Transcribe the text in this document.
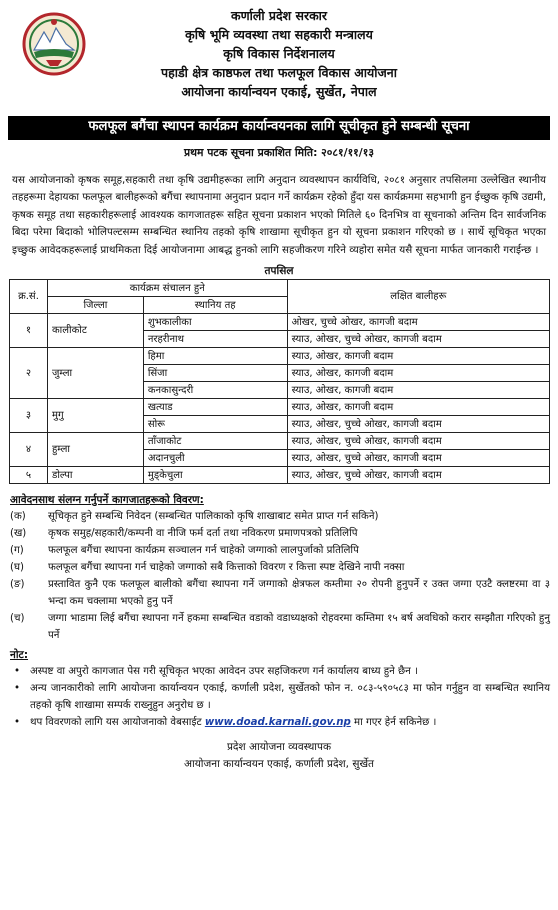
कर्णाली प्रदेश सरकार
कृषि भूमि व्यवस्था तथा सहकारी मन्त्रालय
कृषि विकास निर्देशनालय
पहाडी क्षेत्र काष्ठफल तथा फलफूल विकास आयोजना
आयोजना कार्यान्वयन एकाई, सुर्खेत, नेपाल
फलफूल बगैंचा स्थापन कार्यक्रम कार्यान्वयनका लागि सूचीकृत हुने सम्बन्धी सूचना
प्रथम पटक सूचना प्रकाशित मिति: २०८१/११/१३

यस आयोजनाको कृषक समूह,सहकारी तथा कृषि उद्यमीहरूका लागि अनुदान व्यवस्थापन कार्यविधि, २०८१ अनुसार तपसिलमा उल्लेखित स्थानीय तहहरूमा देहायका फलफूल बालीहरूको बगैंचा स्थापनामा अनुदान प्रदान गर्ने कार्यक्रम रहेको हुँदा यस कार्यक्रममा सहभागी हुन ईच्छुक कृषि उद्यमी, कृषक समूह तथा सहकारीहरूलाई आवश्यक कागजातहरू सहित सूचना प्रकाशन भएको मितिले ६० दिनभित्र वा सूचनाको अन्तिम दिन सार्वजनिक बिदा परेमा बिदाको भोलिपल्टसम्म सम्बन्धित स्थानिय तहको कृषि शाखामा सूचीकृत हुन यो सूचना प्रकाशन गरिएको छ । सार्थे सूचिकृत भएका इच्छुक आवेदकहरूलाई प्राथमिकता दिई आयोजनामा आबद्ध हुनको लागि सहजीकरण गरिने व्यहोरा समेत यसै सूचना मार्फत जानकारी गराईन्छ ।

तपसिल
क्र.सं.	कार्यक्रम संचालन हुने		लक्षित बालीहरू
	जिल्ला	स्थानिय तह	
१	कालीकोट	शुभकालीका	ओखर, चुच्चे ओखर, कागजी बदाम
		नरहरीनाथ	स्याउ, ओखर, चुच्चे ओखर, कागजी बदाम
२	जुम्ला	हिमा	स्याउ, ओखर, कागजी बदाम
		सिंजा	स्याउ, ओखर, कागजी बदाम
		कनकासुन्दरी	स्याउ, ओखर, कागजी बदाम
३	मुगु	खत्याड	स्याउ, ओखर, कागजी बदाम
		सोरू	स्याउ, ओखर, चुच्चे ओखर, कागजी बदाम
४	हुम्ला	ताँजाकोट	स्याउ, ओखर, चुच्चे ओखर, कागजी बदाम
		अदानचुली	स्याउ, ओखर, चुच्चे ओखर, कागजी बदाम
५	डोल्पा	मुड्केचुला	स्याउ, ओखर, चुच्चे ओखर, कागजी बदाम
आवेदनसाथ संलग्न गर्नुपर्ने कागजातहरूको विवरण:
(क)	सूचिकृत हुने सम्बन्धि निवेदन (सम्बन्धित पालिकाको कृषि शाखाबाट समेत प्राप्त गर्न सकिने)
(ख)	कृषक समुह/सहकारी/कम्पनी वा नीजि फर्म दर्ता तथा नविकरण प्रमाणपत्रको प्रतिलिपि
(ग)	फलफूल बगैंचा स्थापना कार्यक्रम सञ्चालन गर्न चाहेको जग्गाको लालपुर्जाको प्रतिलिपि
(घ)	फलफूल बगैंचा स्थापना गर्न चाहेको जग्गाको सबै कित्ताको विवरण र कित्ता स्पष्ट देखिने नापी नक्सा
(ङ)	प्रस्तावित कुनै एक फलफूल बालीको बगैंचा स्थापना गर्ने जग्गाको क्षेत्रफल कम्तीमा २० रोपनी हुनुपर्ने र उक्त जग्गा एउटै क्लष्टरमा वा ३ भन्दा कम चक्लामा भएको हुनु पर्ने
(च)	जग्गा भाडामा लिई बगैंचा स्थापना गर्ने हकमा सम्बन्धित वडाको वडाध्यक्षको रोहवरमा कम्तिमा १५ बर्ष अवधिको करार सम्झौता गरिएको हुनु पर्ने
नोट:
• अस्पष्ट वा अपुरो कागजात पेस गरी सूचिकृत भएका आवेदन उपर सहजिकरण गर्न कार्यालय बाध्य हुने छैन ।
• अन्य जानकारीको लागि आयोजना कार्यान्वयन एकाई, कर्णाली प्रदेश, सुर्खेतको फोन न. ०८३-५९०५८३ मा फोन गर्नुहुन वा सम्बन्धित स्थानिय तहको कृषि शाखामा सम्पर्क राख्नुहुन अनुरोध छ ।
• थप विवरणको लागि यस आयोजनाको वेबसाईट www.doad.karnali.gov.np मा गएर हेर्न सकिनेछ ।
प्रदेश आयोजना व्यवस्थापक
आयोजना कार्यान्वयन एकाई, कर्णाली प्रदेश, सुर्खेत
